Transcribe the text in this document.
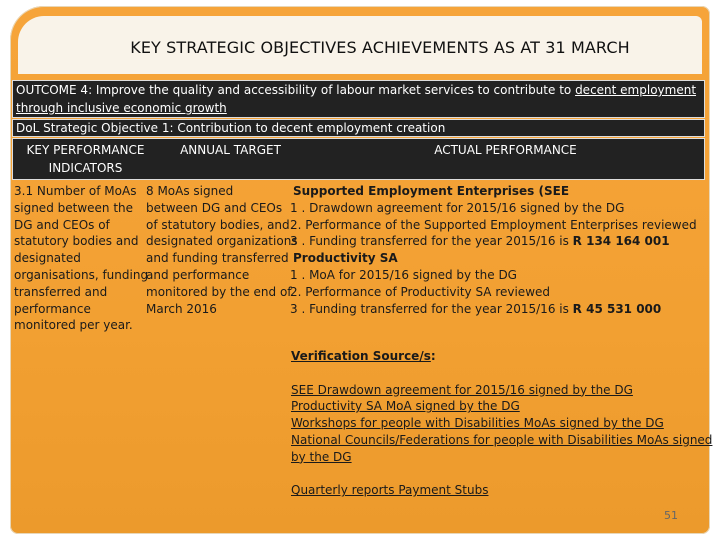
KEY STRATEGIC OBJECTIVES ACHIEVEMENTS AS AT 31 MARCH
OUTCOME 4: Improve the quality and accessibility of labour market services to contribute to decent employment
through inclusive economic growth
DoL Strategic Objective 1: Contribution to decent employment creation
KEY PERFORMANCE
INDICATORS
ANNUAL TARGET	ACTUAL PERFORMANCE
3.1 Number of MoAs
signed between the
DG and CEOs of
statutory bodies and
designated
organisations, funding
transferred and
performance
monitored per year.
8 MoAs signed
between DG and CEOs
of statutory bodies, and
designated organizations
and funding transferred
and performance
monitored by the end of
March 2016
Supported Employment Enterprises (SEE
1 . Drawdown agreement for 2015/16 signed by the DG
2. Performance of the Supported Employment Enterprises reviewed
3 . Funding transferred for the year 2015/16 is R 134 164 001
Productivity SA
1 . MoA for 2015/16 signed by the DG
2. Performance of Productivity SA reviewed
3 . Funding transferred for the year 2015/16 is R 45 531 000
Verification Source/s:
SEE Drawdown agreement for 2015/16 signed by the DG
Productivity SA MoA signed by the DG
Workshops for people with Disabilities MoAs signed by the DG
National Councils/Federations for people with Disabilities MoAs signed
by the DG
Quarterly reports Payment Stubs
51
